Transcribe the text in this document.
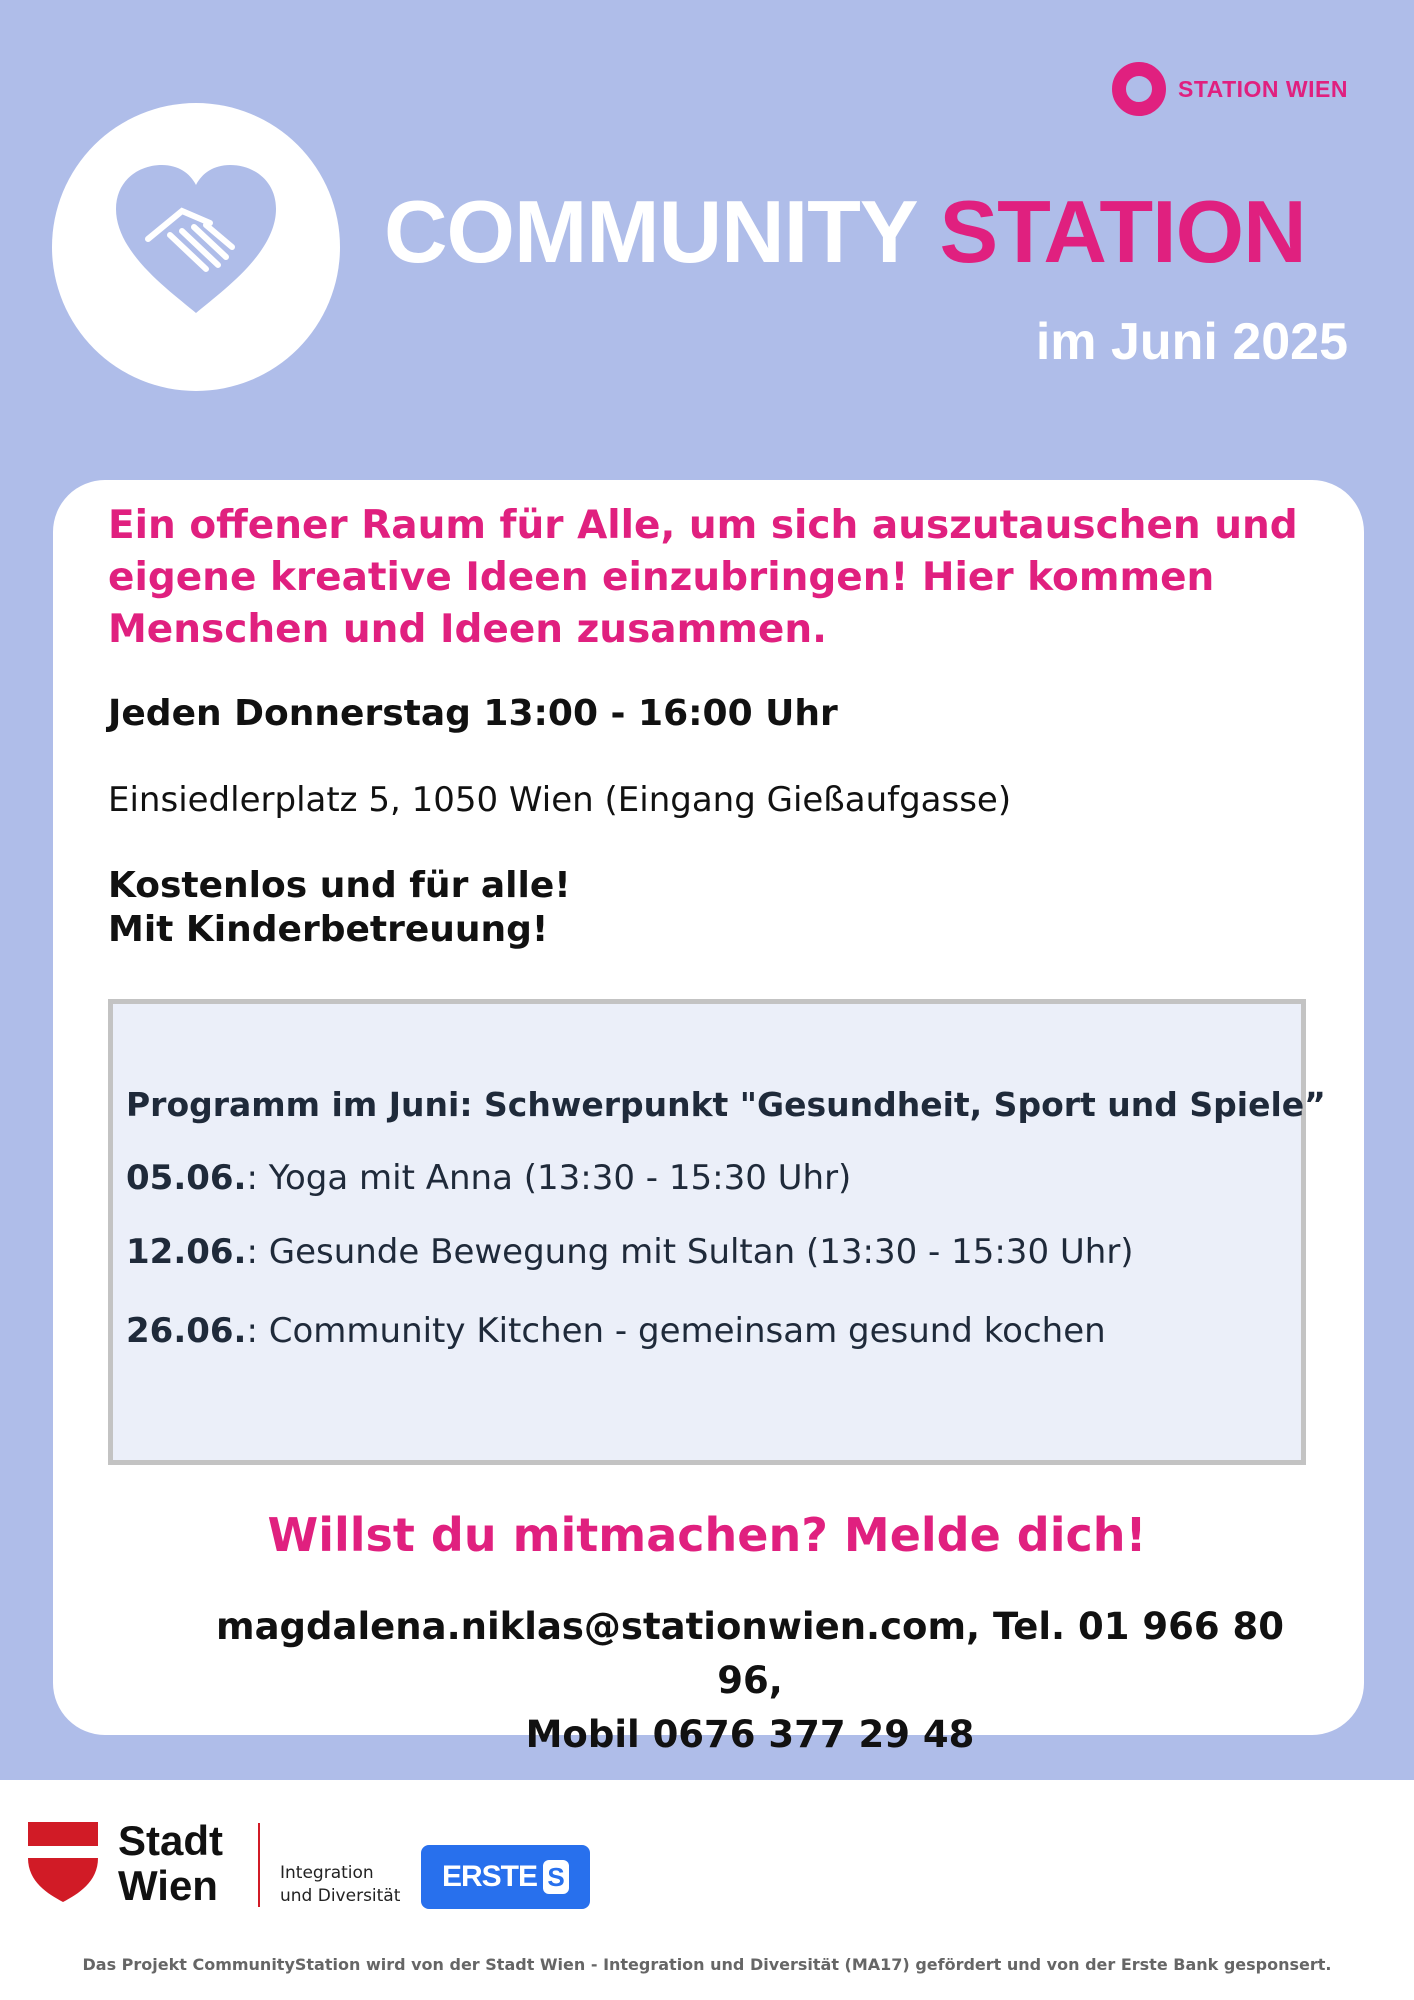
STATION WIEN
COMMUNITY STATION
im Juni 2025
Ein offener Raum für Alle, um sich auszutauschen und eigene kreative Ideen einzubringen! Hier kommen Menschen und Ideen zusammen.
Jeden Donnerstag 13:00 - 16:00 Uhr
Einsiedlerplatz 5, 1050 Wien (Eingang Gießaufgasse)
Kostenlos und für alle!
Mit Kinderbetreuung!
Programm im Juni: Schwerpunkt "Gesundheit, Sport und Spiele”
05.06.: Yoga mit Anna (13:30 - 15:30 Uhr)
12.06.: Gesunde Bewegung mit Sultan (13:30 - 15:30 Uhr)
26.06.: Community Kitchen - gemeinsam gesund kochen
Willst du mitmachen? Melde dich!
magdalena.niklas@stationwien.com, Tel. 01 966 80 96,
Mobil 0676 377 29 48
Stadt
Wien	Integration
und Diversität
ERSTE S
Das Projekt CommunityStation wird von der Stadt Wien - Integration und Diversität (MA17) gefördert und von der Erste Bank gesponsert.
